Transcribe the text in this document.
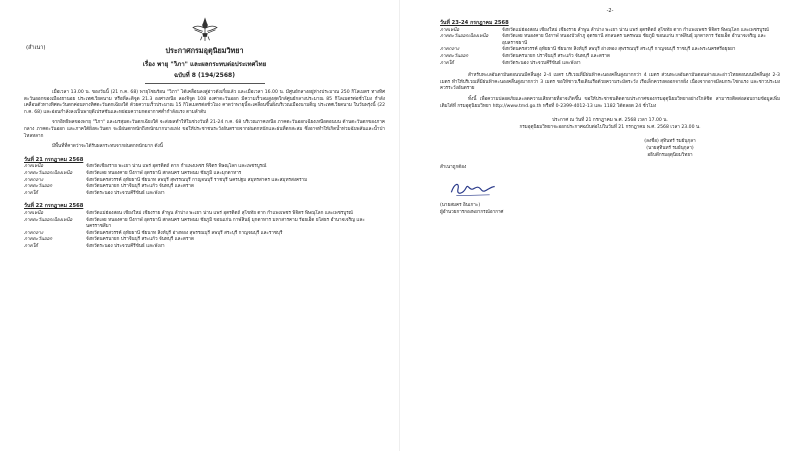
(สำเนา)	ประกาศกรมอุตุนิยมวิทยา
เรื่อง พายุ "วิภา" และผลกระทบต่อประเทศไทย
ฉบับที่ 8 (194/2568)

เมื่อเวลา 13.00 น. ของวันนี้ (21 ก.ค. 68) พายุโซนร้อน "วิภา" ได้เคลื่อนลงสู่อ่าวตังเกี๋ยแล้ว และเมื่อเวลา 16.00 น. มีศูนย์กลางอยู่ห่างประมาณ 250 กิโลเมตร ทางทิศตะวันออกของเมืองฮานอย ประเทศเวียดนาม หรือที่ละติจูด 21.3 องศาเหนือ ลองจิจูด 108 องศาตะวันออก มีความเร็วลมสูงสุดใกล้ศูนย์กลางประมาณ 85 กิโลเมตรต่อชั่วโมง กำลังเคลื่อนตัวทางทิศตะวันตกค่อนทางทิศตะวันตกเฉียงใต้ ด้วยความเร็วประมาณ 15 กิโลเมตรต่อชั่วโมง คาดว่าพายุนี้จะเคลื่อนขึ้นฝั่งบริเวณเมืองนามดิ่ญ ประเทศเวียดนาม ในวันพรุ่งนี้ (22 ก.ค. 68) และอ่อนกำลังลงเป็นพายุดีเปรสชันและหย่อมความกดอากาศต่ำกำลังแรง ตามลำดับ

จากอิทธิพลของพายุ "วิภา" และมรสุมตะวันตกเฉียงใต้ จะส่งผลทำให้ในช่วงวันที่ 21-24 ก.ค. 68 บริเวณภาคเหนือ ภาคตะวันออกเฉียงเหนือตอนบน ด้านตะวันตกของภาคกลาง ภาคตะวันออก และภาคใต้ฝั่งตะวันตก จะมีฝนตกหนักถึงหนักมากบางแห่ง ขอให้ประชาชนระวังอันตรายจากฝนตกหนักและฝนที่ตกสะสม ซึ่งอาจทำให้เกิดน้ำท่วมฉับพลันและน้ำป่าไหลหลาก

มีพื้นที่ที่คาดว่าจะได้รับผลกระทบจากฝนตกหนักมาก ดังนี้

วันที่ 21 กรกฎาคม 2568
ภาคเหนือ	จังหวัดเชียงราย พะเยา น่าน แพร่ อุตรดิตถ์ ตาก กำแพงเพชร พิจิตร พิษณุโลก และเพชรบูรณ์
ภาคตะวันออกเฉียงเหนือ	จังหวัดเลย หนองคาย บึงกาฬ อุดรธานี สกลนคร นครพนม ชัยภูมิ และมุกดาหาร
ภาคกลาง	จังหวัดนครสวรรค์ อุทัยธานี ชัยนาท ลพบุรี สุพรรณบุรี กาญจนบุรี ราชบุรี นครปฐม สมุทรสาคร และสมุทรสงคราม
ภาคตะวันออก	จังหวัดนครนายก ปราจีนบุรี สระแก้ว จันทบุรี และตราด
ภาคใต้	จังหวัดระนอง ประจวบคีรีขันธ์ และพังงา
วันที่ 22 กรกฎาคม 2568
ภาคเหนือ	จังหวัดแม่ฮ่องสอน เชียงใหม่ เชียงราย ลำพูน ลำปาง พะเยา น่าน แพร่ อุตรดิตถ์ สุโขทัย ตาก กำแพงเพชร พิจิตร พิษณุโลก และเพชรบูรณ์
ภาคตะวันออกเฉียงเหนือ	จังหวัดเลย หนองคาย บึงกาฬ อุดรธานี สกลนคร นครพนม ชัยภูมิ ขอนแก่น กาฬสินธุ์ มุกดาหาร มหาสารคาม ร้อยเอ็ด ยโสธร อำนาจเจริญ และนครราชสีมา
ภาคกลาง	จังหวัดนครสวรรค์ อุทัยธานี ชัยนาท สิงห์บุรี อ่างทอง สุพรรณบุรี ลพบุรี สระบุรี กาญจนบุรี และราชบุรี
ภาคตะวันออก	จังหวัดนครนายก ปราจีนบุรี สระแก้ว จันทบุรี และตราด
ภาคใต้	จังหวัดระนอง ประจวบคีรีขันธ์ และพังงา
-2-
วันที่ 23-24 กรกฎาคม 2568
ภาคเหนือ	จังหวัดแม่ฮ่องสอน เชียงใหม่ เชียงราย ลำพูน ลำปาง พะเยา น่าน แพร่ อุตรดิตถ์ สุโขทัย ตาก กำแพงเพชร พิจิตร พิษณุโลก และเพชรบูรณ์
ภาคตะวันออกเฉียงเหนือ	จังหวัดเลย หนองคาย บึงกาฬ หนองบัวลำภู อุดรธานี สกลนคร นครพนม ชัยภูมิ ขอนแก่น กาฬสินธุ์ มุกดาหาร ร้อยเอ็ด อำนาจเจริญ และอุบลราชธานี
ภาคกลาง	จังหวัดนครสวรรค์ อุทัยธานี ชัยนาท สิงห์บุรี ลพบุรี อ่างทอง สุพรรณบุรี สระบุรี กาญจนบุรี ราชบุรี และพระนครศรีอยุธยา
ภาคตะวันออก	จังหวัดนครนายก ปราจีนบุรี สระแก้ว จันทบุรี และตราด
ภาคใต้	จังหวัดระนอง ประจวบคีรีขันธ์ และพังงา

สำหรับทะเลอันดามันตอนบนมีคลื่นสูง 2-4 เมตร บริเวณที่มีฝนฟ้าคะนองคลื่นสูงมากกว่า 4 เมตร ส่วนทะเลอันดามันตอนล่างและอ่าวไทยตอนบนมีคลื่นสูง 2-3 เมตร ทำให้บริเวณที่มีฝนฟ้าคะนองคลื่นสูงมากกว่า 3 เมตร ขอให้ชาวเรือเดินเรือด้วยความระมัดระวัง เรือเล็กควรงดออกจากฝั่ง เนื่องจากอาจมีลมกระโชกแรง และชาวประมงควรระวังอันตราย

ทั้งนี้ เพื่อความปลอดภัยและลดความเสียหายที่อาจเกิดขึ้น ขอให้ประชาชนติดตามประกาศของกรมอุตุนิยมวิทยาอย่างใกล้ชิด สามารถติดต่อสอบถามข้อมูลเพิ่มเติมได้ที่ กรมอุตุนิยมวิทยา http://www.tmd.go.th หรือที่ 0-2399-4012-13 และ 1182 ได้ตลอด 24 ชั่วโมง

ประกาศ ณ วันที่ 21 กรกฎาคม พ.ศ. 2568 เวลา 17.00 น.
กรมอุตุนิยมวิทยาจะออกประกาศฉบับต่อไปในวันที่ 21 กรกฎาคม พ.ศ. 2568 เวลา 23.00 น.
(ลงชื่อ) สุทินทร์ รมย์นุกุลา
(นายสุทินทร์ รมย์นุกุลา)
อธิบดีกรมอุตุนิยมวิทยา
สำเนาถูกต้อง
(นายสมคร อินเกาะ)
ผู้อำนวยการกองพยากรณ์อากาศ
